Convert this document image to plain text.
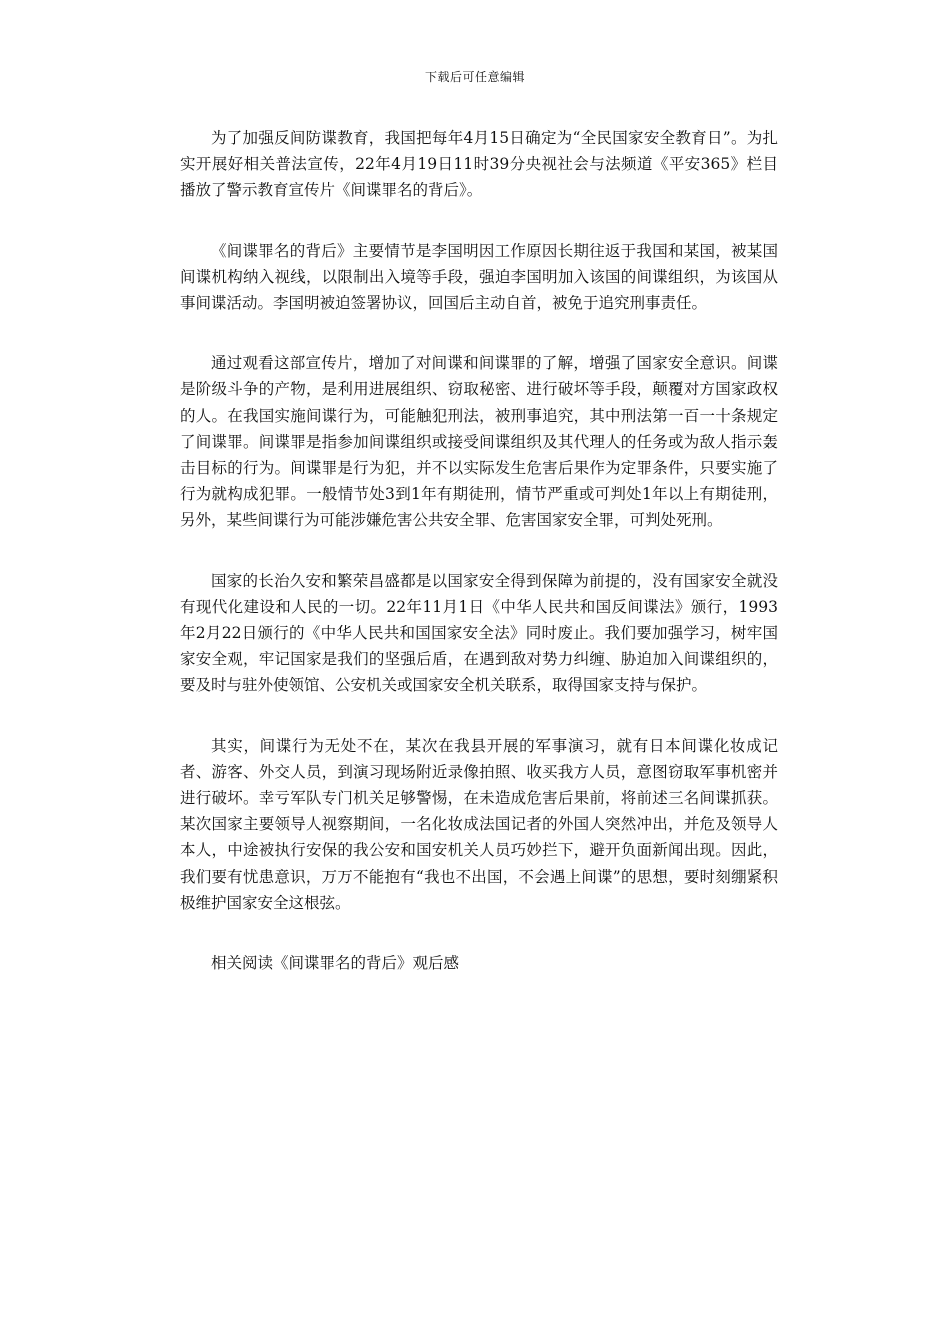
下载后可任意编辑

为了加强反间防谍教育，我国把每年4月15日确定为“全民国家安全教育日”。为扎实开展好相关普法宣传，22年4月19日11时39分央视社会与法频道《平安365》栏目播放了警示教育宣传片《间谍罪名的背后》。

《间谍罪名的背后》主要情节是李国明因工作原因长期往返于我国和某国，被某国间谍机构纳入视线，以限制出入境等手段，强迫李国明加入该国的间谍组织，为该国从事间谍活动。李国明被迫签署协议，回国后主动自首，被免于追究刑事责任。

通过观看这部宣传片，增加了对间谍和间谍罪的了解，增强了国家安全意识。间谍是阶级斗争的产物，是利用进展组织、窃取秘密、进行破坏等手段，颠覆对方国家政权的人。在我国实施间谍行为，可能触犯刑法，被刑事追究，其中刑法第一百一十条规定了间谍罪。间谍罪是指参加间谍组织或接受间谍组织及其代理人的任务或为敌人指示轰击目标的行为。间谍罪是行为犯，并不以实际发生危害后果作为定罪条件，只要实施了行为就构成犯罪。一般情节处3到1年有期徒刑，情节严重或可判处1年以上有期徒刑，另外，某些间谍行为可能涉嫌危害公共安全罪、危害国家安全罪，可判处死刑。

国家的长治久安和繁荣昌盛都是以国家安全得到保障为前提的，没有国家安全就没有现代化建设和人民的一切。22年11月1日《中华人民共和国反间谍法》颁行，1993年2月22日颁行的《中华人民共和国国家安全法》同时废止。我们要加强学习，树牢国家安全观，牢记国家是我们的坚强后盾，在遇到敌对势力纠缠、胁迫加入间谍组织的，要及时与驻外使领馆、公安机关或国家安全机关联系，取得国家支持与保护。

其实，间谍行为无处不在，某次在我县开展的军事演习，就有日本间谍化妆成记者、游客、外交人员，到演习现场附近录像拍照、收买我方人员，意图窃取军事机密并进行破坏。幸亏军队专门机关足够警惕，在未造成危害后果前，将前述三名间谍抓获。某次国家主要领导人视察期间，一名化妆成法国记者的外国人突然冲出，并危及领导人本人，中途被执行安保的我公安和国安机关人员巧妙拦下，避开负面新闻出现。因此，我们要有忧患意识，万万不能抱有“我也不出国，不会遇上间谍”的思想，要时刻绷紧积极维护国家安全这根弦。

相关阅读《间谍罪名的背后》观后感
